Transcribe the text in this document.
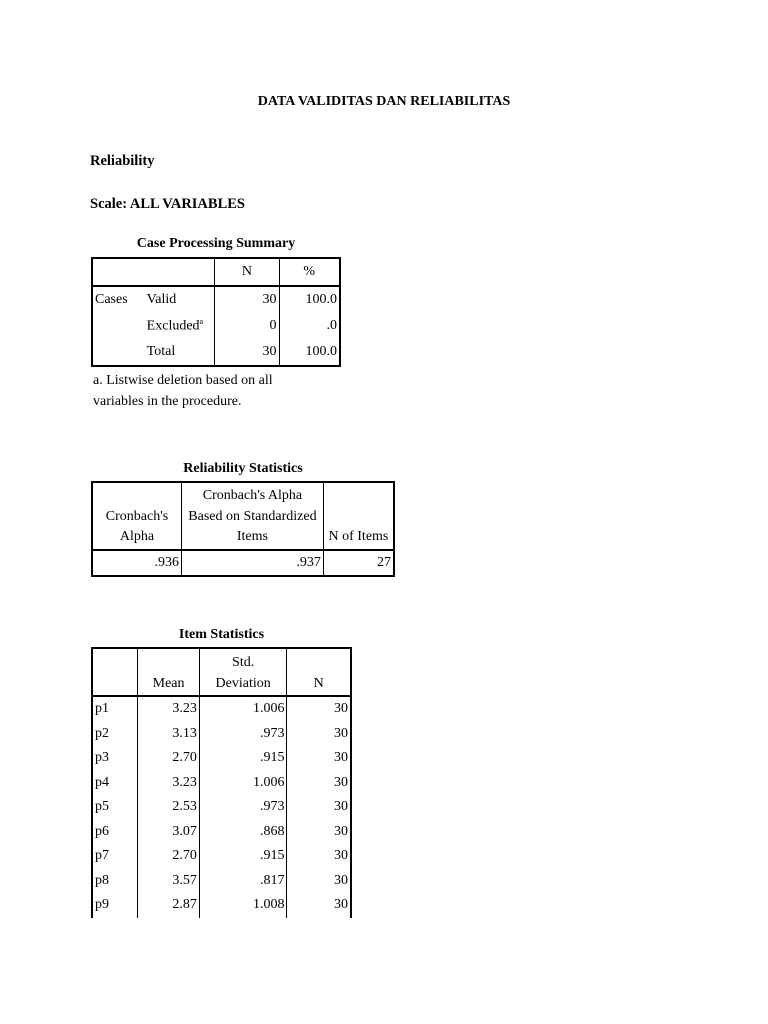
DATA VALIDITAS DAN RELIABILITAS
Reliability
Scale: ALL VARIABLES
Case Processing Summary
		N	%
Cases	Valid	30	100.0
	Excluded$^a$	0	.0
	Total	30	100.0
a. Listwise deletion based on all variables in the procedure.
Reliability Statistics
Cronbach's Alpha	Cronbach's Alpha Based on Standardized Items	N of Items
.936	.937	27
Item Statistics
	Mean	Std. Deviation	N
p1	3.23	1.006	30
p2	3.13	.973	30
p3	2.70	.915	30
p4	3.23	1.006	30
p5	2.53	.973	30
p6	3.07	.868	30
p7	2.70	.915	30
p8	3.57	.817	30
p9	2.87	1.008	30
